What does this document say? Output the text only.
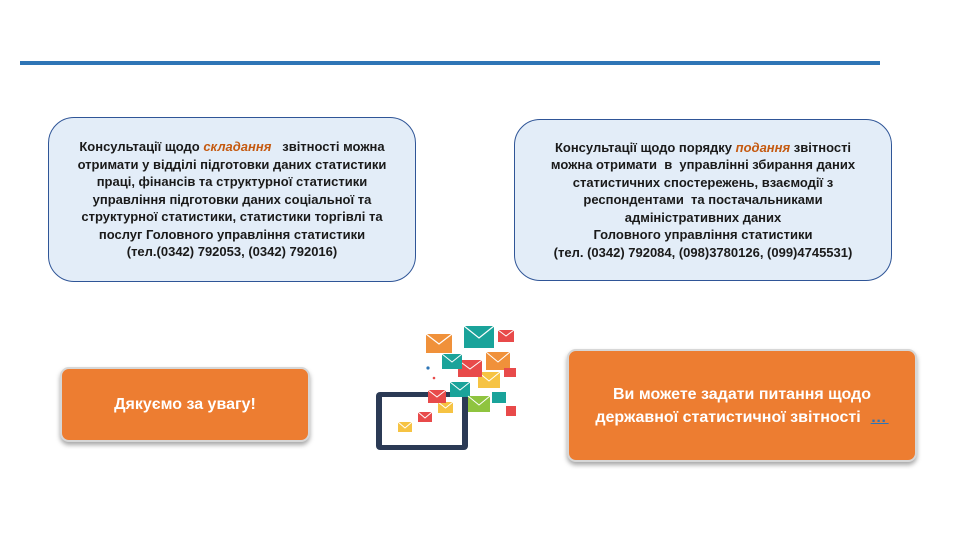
Консультації щодо складання   звітності можна
отримати у відділі підготовки даних статистики
праці, фінансів та структурної статистики
управління підготовки даних соціальної та
структурної статистики, статистики торгівлі та
послуг Головного управління статистики
(тел.(0342) 792053, (0342) 792016)
Консультації щодо порядку подання звітності
можна отримати  в  управлінні збирання даних
статистичних спостережень, взаємодії з
респондентами  та постачальниками
адміністративних даних
Головного управління статистики
(тел. (0342) 792084, (098)3780126, (099)4745531)
Дякуємо за увагу!
Ви можете задати питання щодо
державної статистичної звітності …
